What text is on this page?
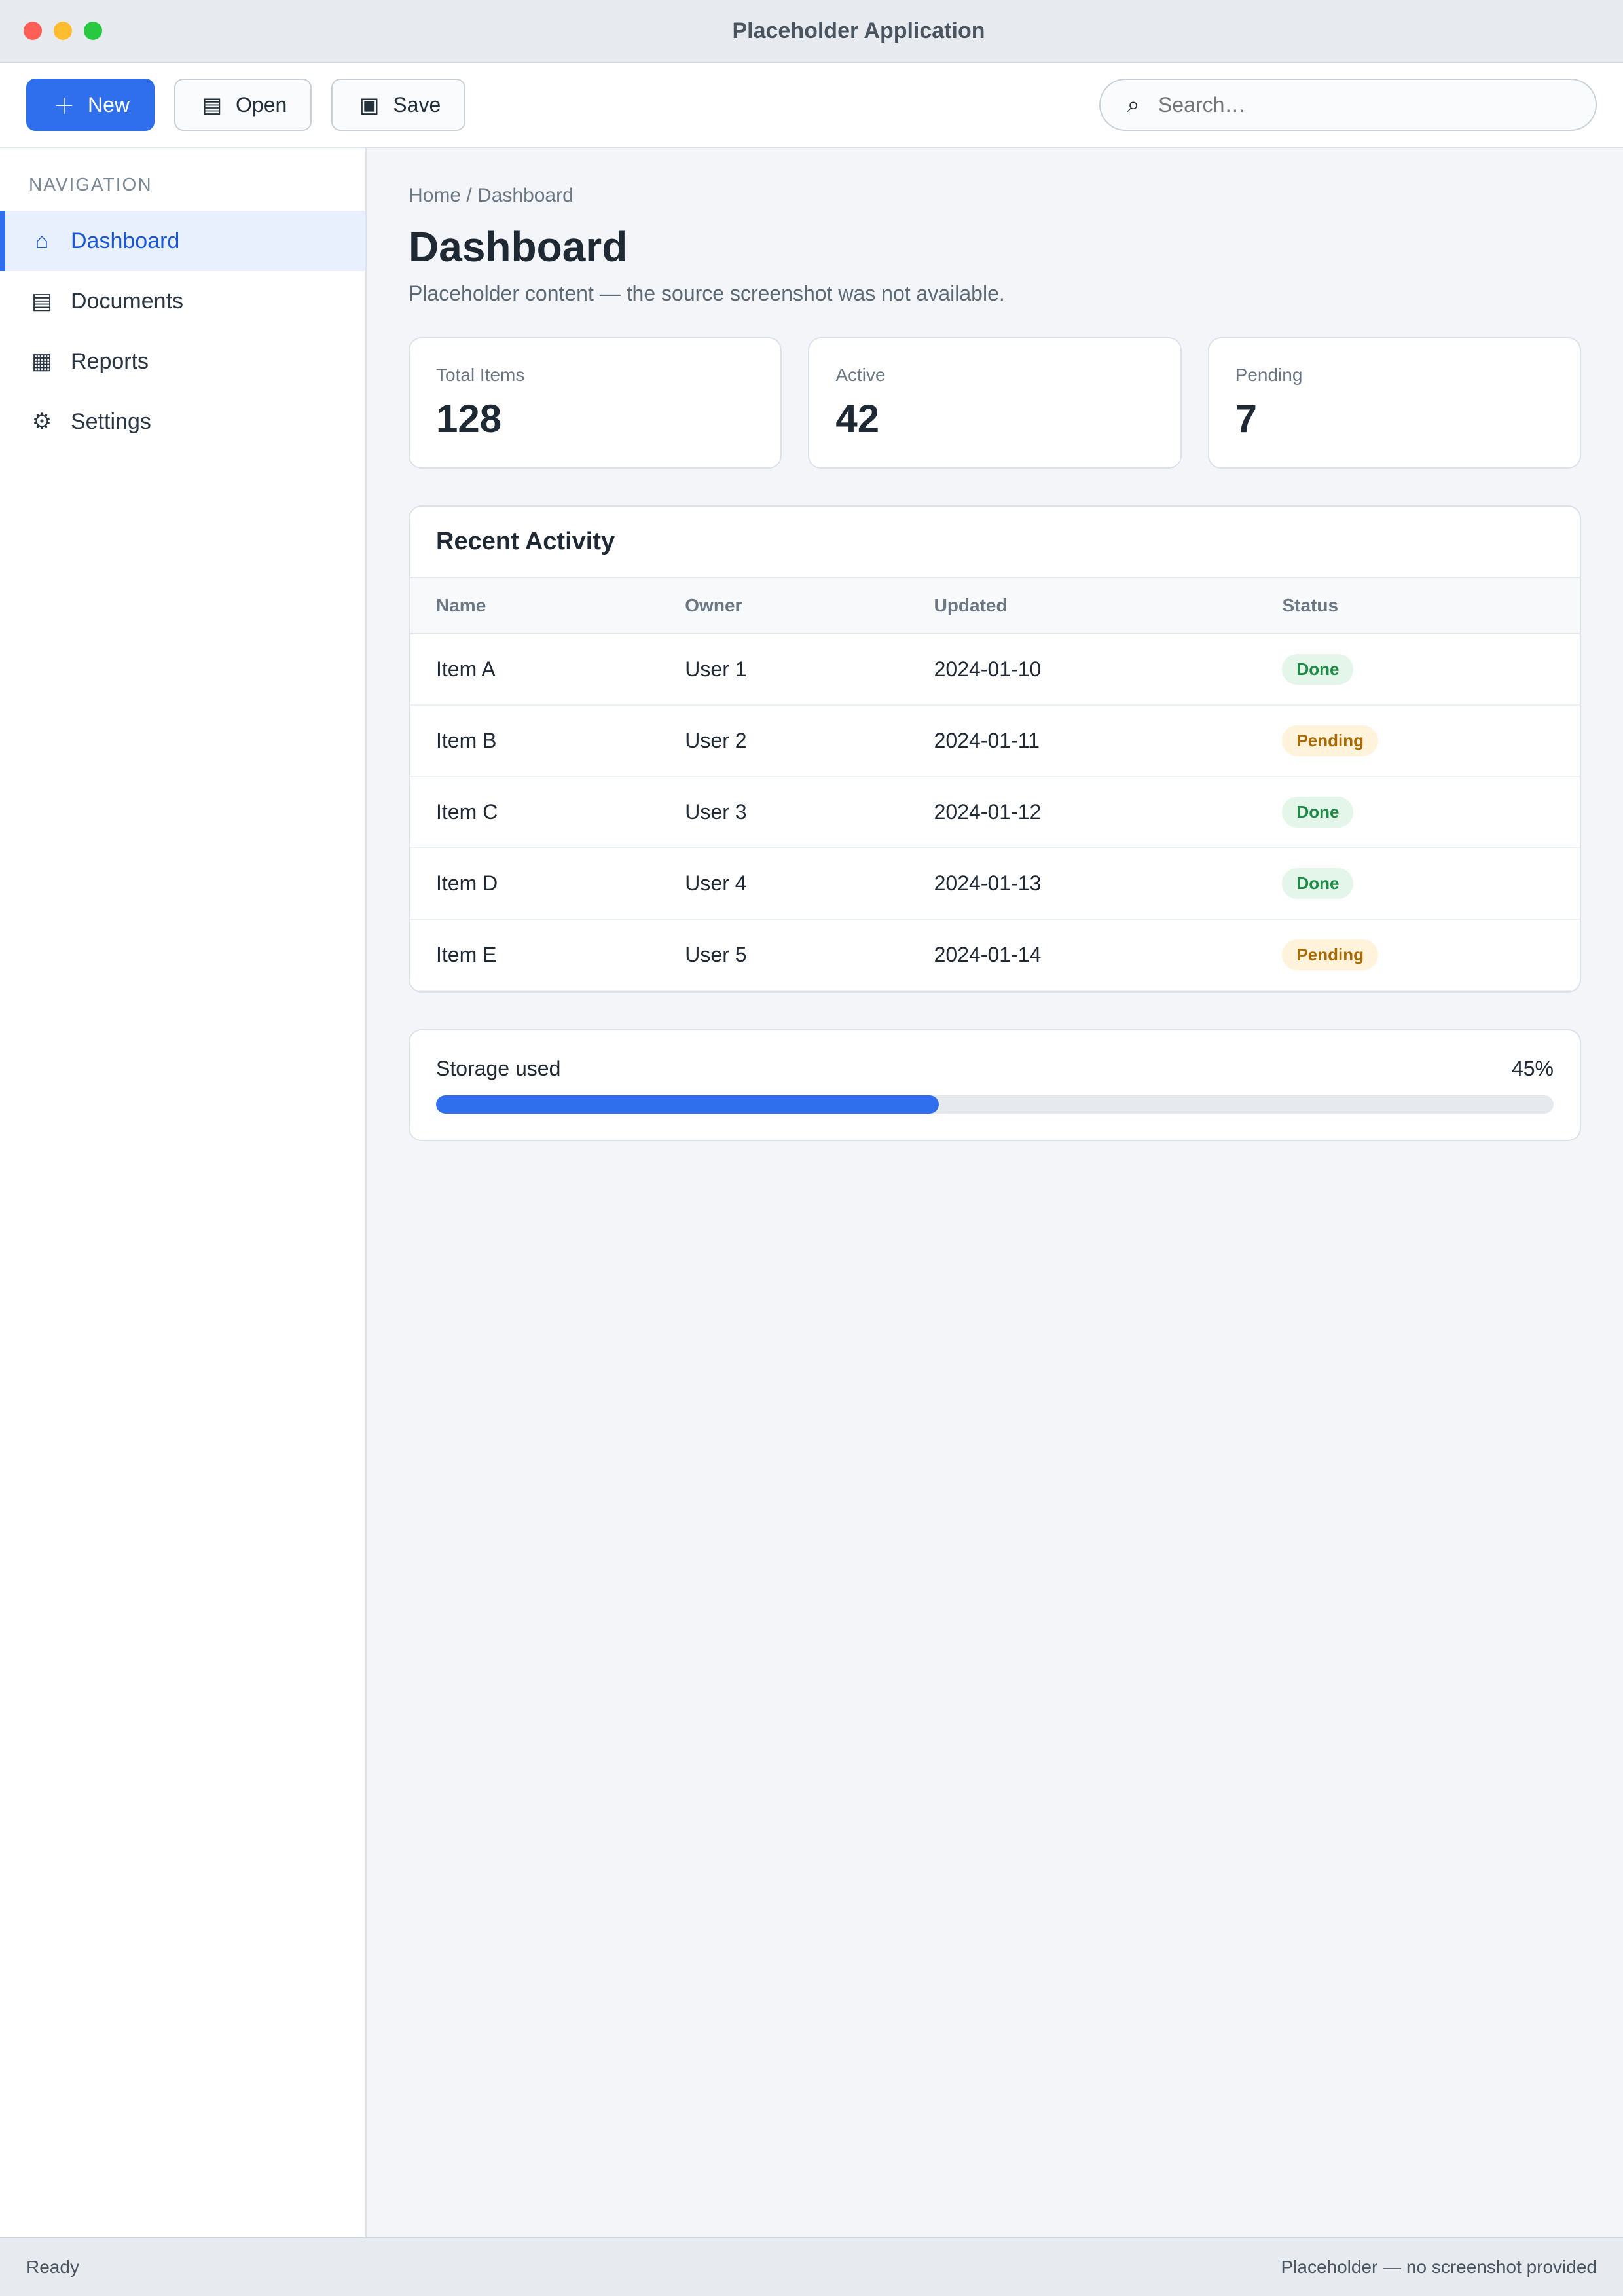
Placeholder Application
＋ New	▤ Open	▣ Save	⌕
Search…
NAVIGATION
⌂ Dashboard
▤ Documents
▦ Reports
⚙ Settings
Home / Dashboard
Dashboard
Placeholder content — the source screenshot was not available.
Total Items
128
Active
42
Pending
7
Recent Activity
Name	Owner	Updated	Status
Item A	User 1	2024-01-10	Done
Item B	User 2	2024-01-11	Pending
Item C	User 3	2024-01-12	Done
Item D	User 4	2024-01-13	Done
Item E	User 5	2024-01-14	Pending
Storage used	45%
Ready	Placeholder — no screenshot provided
